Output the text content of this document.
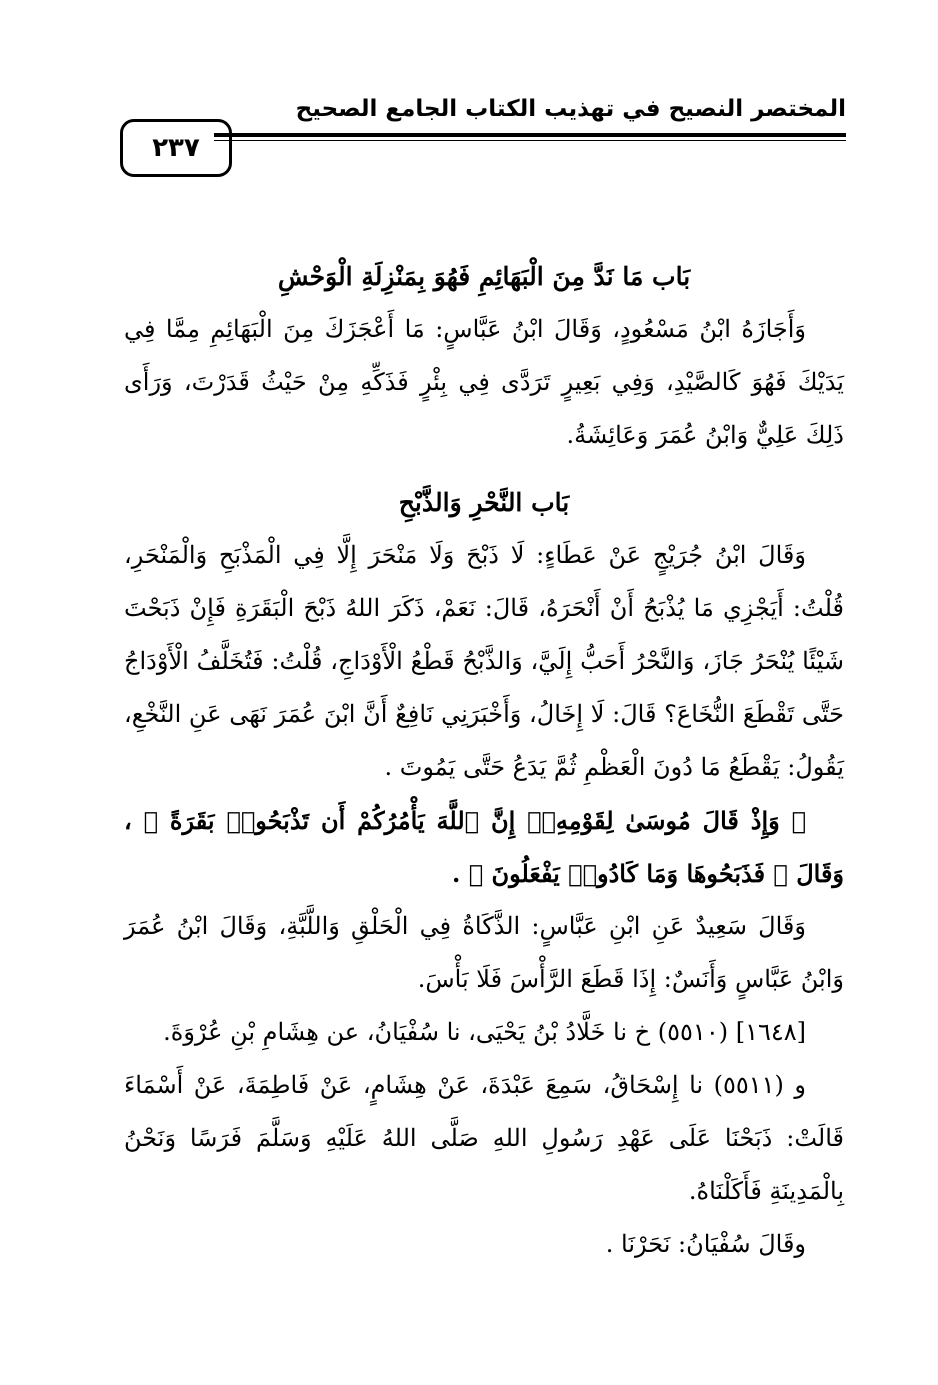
المختصر النصيح في تهذيب الكتاب الجامع الصحيح
٢٣٧

بَاب مَا نَدَّ مِنَ الْبَهَائِمِ فَهُوَ بِمَنْزِلَةِ الْوَحْشِ

وَأَجَازَهُ ابْنُ مَسْعُودٍ، وَقَالَ ابْنُ عَبَّاسٍ: مَا أَعْجَزَكَ مِنَ الْبَهَائِمِ مِمَّا فِي يَدَيْكَ فَهُوَ كَالصَّيْدِ، وَفِي بَعِيرٍ تَرَدَّى فِي بِئْرٍ فَذَكِّهِ مِنْ حَيْثُ قَدَرْتَ، وَرَأَى ذَلِكَ عَلِيٌّ وَابْنُ عُمَرَ وَعَائِشَةُ.

بَاب النَّحْرِ وَالذَّبْحِ

وَقَالَ ابْنُ جُرَيْجٍ عَنْ عَطَاءٍ: لَا ذَبْحَ وَلَا مَنْحَرَ إِلَّا فِي الْمَذْبَحِ وَالْمَنْحَرِ، قُلْتُ: أَيَجْزِي مَا يُذْبَحُ أَنْ أَنْحَرَهُ، قَالَ: نَعَمْ، ذَكَرَ اللهُ ذَبْحَ الْبَقَرَةِ فَإِنْ ذَبَحْتَ شَيْئًا يُنْحَرُ جَازَ، وَالنَّحْرُ أَحَبُّ إِلَيَّ، وَالذَّبْحُ قَطْعُ الْأَوْدَاجِ، قُلْتُ: فَتُخَلَّفُ الْأَوْدَاجُ حَتَّى تَقْطَعَ النُّخَاعَ؟ قَالَ: لَا إِخَالُ، وَأَخْبَرَنِي نَافِعٌ أَنَّ ابْنَ عُمَرَ نَهَى عَنِ النَّخْعِ، يَقُولُ: يَقْطَعُ مَا دُونَ الْعَظْمِ ثُمَّ يَدَعُ حَتَّى يَمُوتَ .

﴿ وَإِذْ قَالَ مُوسَىٰ لِقَوْمِهِۦٓ إِنَّ ٱللَّهَ يَأْمُرُكُمْ أَن تَذْبَحُوا۟ بَقَرَةً ﴾ ، وَقَالَ ﴿ فَذَبَحُوهَا وَمَا كَادُوا۟ يَفْعَلُونَ ﴾ .

وَقَالَ سَعِيدٌ عَنِ ابْنِ عَبَّاسٍ: الذَّكَاةُ فِي الْحَلْقِ وَاللَّبَّةِ، وَقَالَ ابْنُ عُمَرَ وَابْنُ عَبَّاسٍ وَأَنَسٌ: إِذَا قَطَعَ الرَّأْسَ فَلَا بَأْسَ.

[١٦٤٨] (٥٥١٠) خ نا خَلَّادُ بْنُ يَحْيَى، نا سُفْيَانُ، عن هِشَامِ بْنِ عُرْوَةَ.

و (٥٥١١) نا إِسْحَاقُ، سَمِعَ عَبْدَةَ، عَنْ هِشَامٍ، عَنْ فَاطِمَةَ، عَنْ أَسْمَاءَ قَالَتْ: ذَبَحْنَا عَلَى عَهْدِ رَسُولِ اللهِ صَلَّى اللهُ عَلَيْهِ وَسَلَّمَ فَرَسًا وَنَحْنُ بِالْمَدِينَةِ فَأَكَلْنَاهُ.

وقَالَ سُفْيَانُ: نَحَرْنَا .
